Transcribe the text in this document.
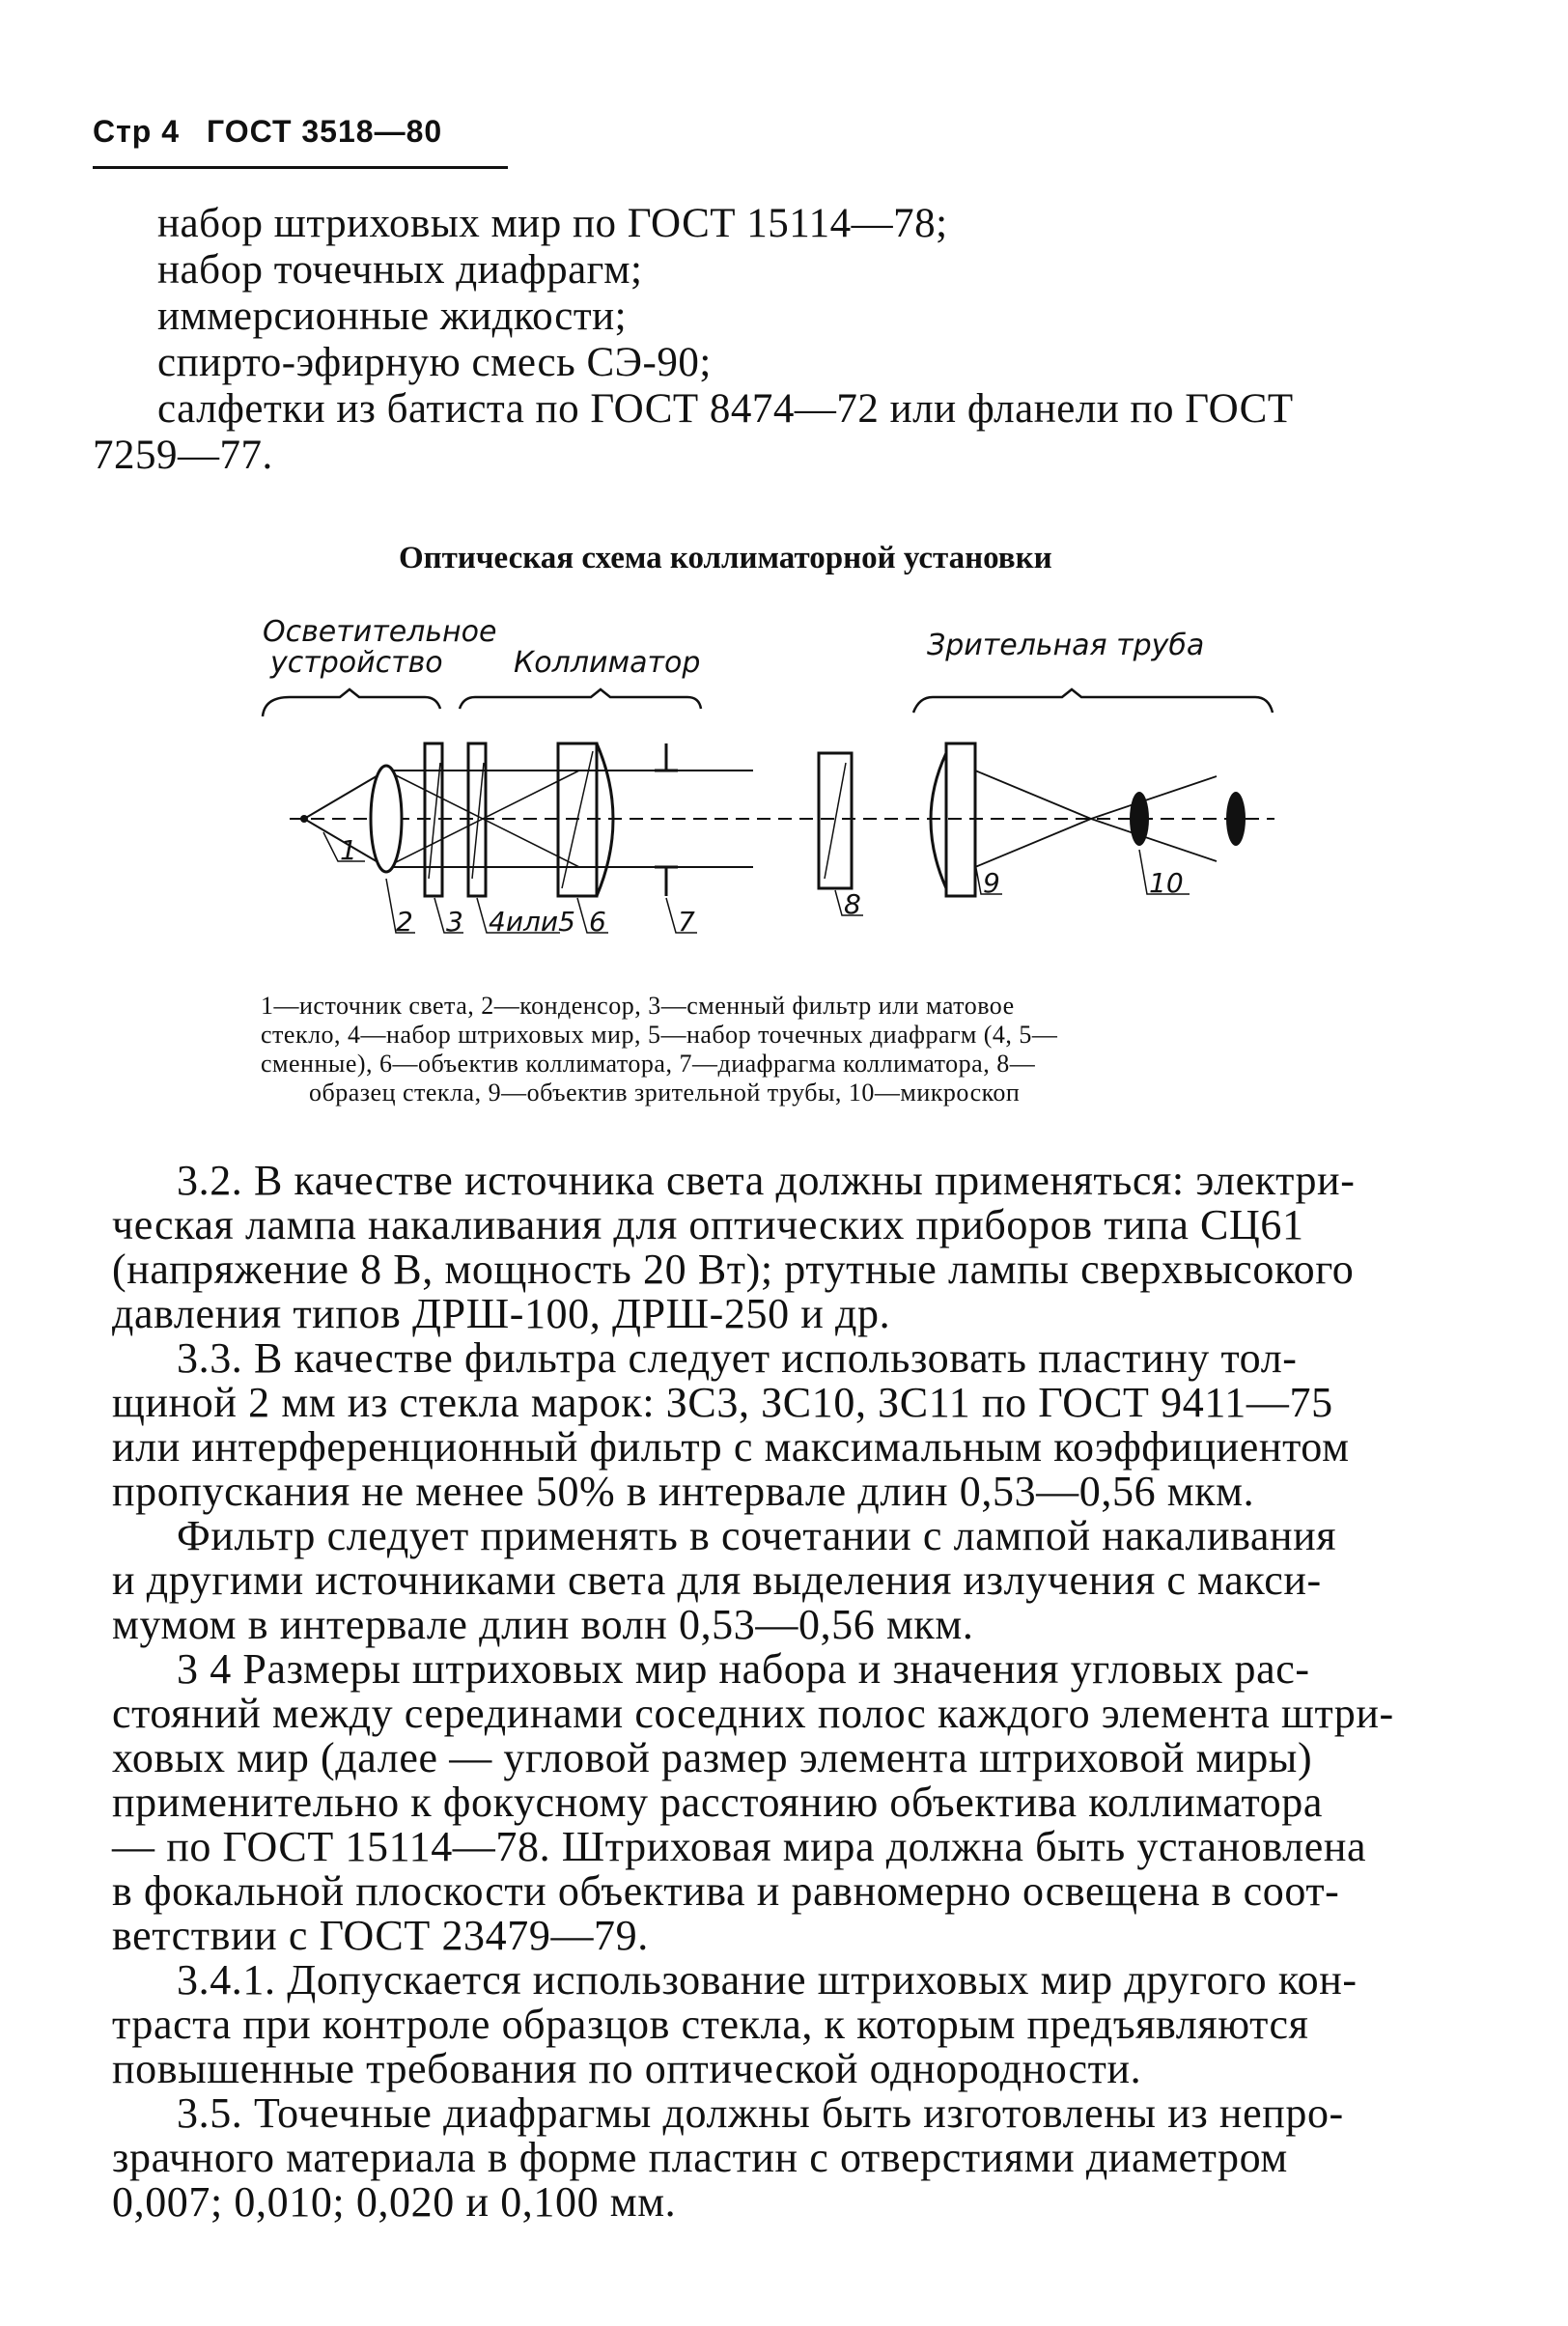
Стр 4 ГОСТ 3518—80
набор штриховых мир по ГОСТ 15114—78;
набор точечных диафрагм;
иммерсионные жидкости;
спирто-эфирную смесь СЭ-90;
салфетки из батиста по ГОСТ 8474—72 или фланели по ГОСТ
7259—77.
Оптическая схема коллиматорной установки
Осветительное
устройство Коллиматор
Зрительная труба
1
2 3 4или5 6	7
8
9	10
1—источник света, 2—конденсор, 3—сменный фильтр или матовое
стекло, 4—набор штриховых мир, 5—набор точечных диафрагм (4, 5—
сменные), 6—объектив коллиматора, 7—диафрагма коллиматора, 8—
образец стекла, 9—объектив зрительной трубы, 10—микроскоп
3.2. В качестве источника света должны применяться: электри-
ческая лампа накаливания для оптических приборов типа СЦ61
(напряжение 8 В, мощность 20 Вт); ртутные лампы сверхвысокого
давления типов ДРШ-100, ДРШ-250 и др.
3.3. В качестве фильтра следует использовать пластину тол-
щиной 2 мм из стекла марок: ЗС3, ЗС10, ЗС11 по ГОСТ 9411—75
или интерференционный фильтр с максимальным коэффициентом
пропускания не менее 50% в интервале длин 0,53—0,56 мкм.
Фильтр следует применять в сочетании с лампой накаливания
и другими источниками света для выделения излучения с макси-
мумом в интервале длин волн 0,53—0,56 мкм.
3 4 Размеры штриховых мир набора и значения угловых рас-
стояний между серединами соседних полос каждого элемента штри-
ховых мир (далее — угловой размер элемента штриховой миры)
применительно к фокусному расстоянию объектива коллиматора
— по ГОСТ 15114—78. Штриховая мира должна быть установлена
в фокальной плоскости объектива и равномерно освещена в соот-
ветствии с ГОСТ 23479—79.
3.4.1. Допускается использование штриховых мир другого кон-
траста при контроле образцов стекла, к которым предъявляются
повышенные требования по оптической однородности.
3.5. Точечные диафрагмы должны быть изготовлены из непро-
зрачного материала в форме пластин с отверстиями диаметром
0,007; 0,010; 0,020 и 0,100 мм.
